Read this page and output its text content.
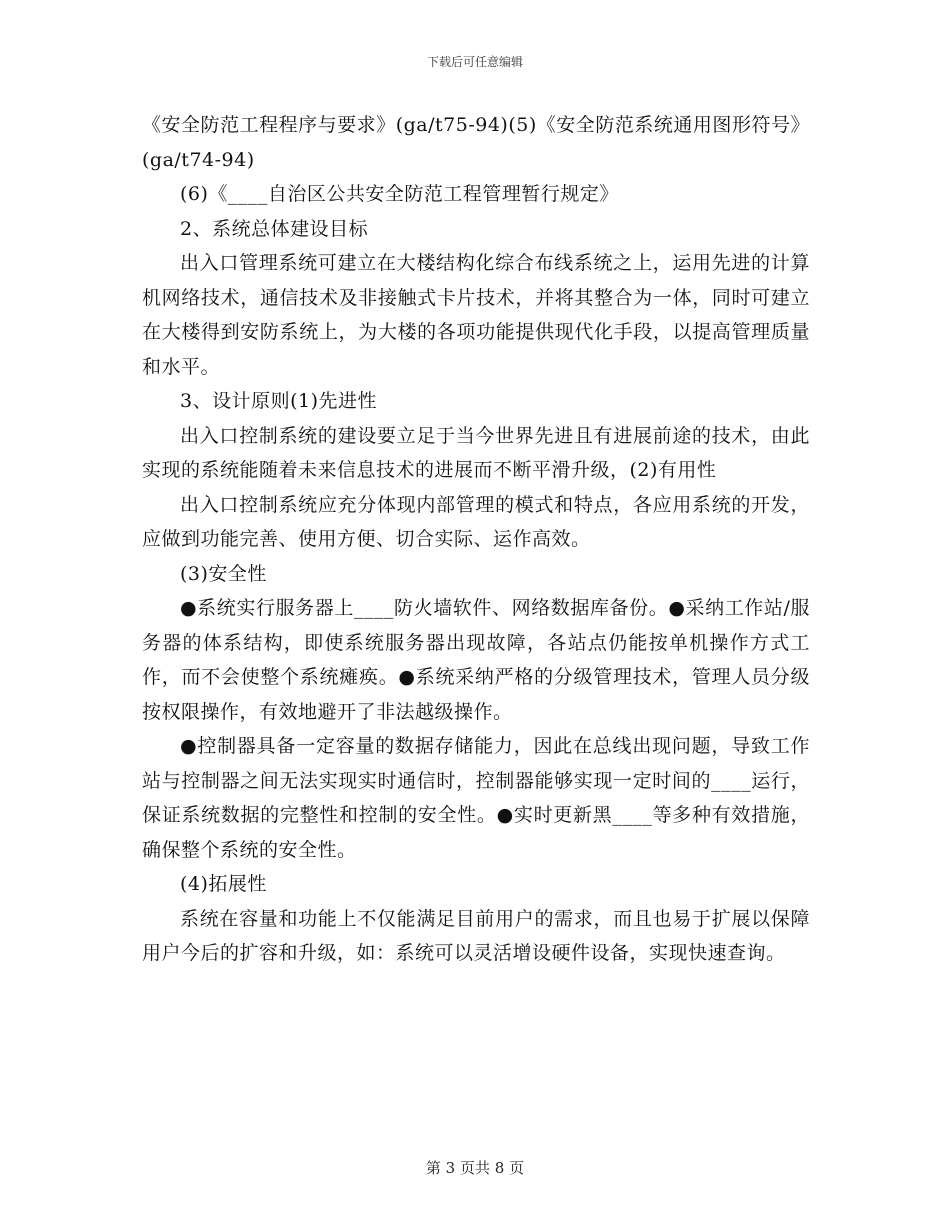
下载后可任意编辑

《安全防范工程程序与要求》(ga/t75-94)(5)《安全防范系统通用图形符号》(ga/t74-94)

(6)《____自治区公共安全防范工程管理暂行规定》

2、系统总体建设目标

出入口管理系统可建立在大楼结构化综合布线系统之上，运用先进的计算机网络技术，通信技术及非接触式卡片技术，并将其整合为一体，同时可建立在大楼得到安防系统上，为大楼的各项功能提供现代化手段，以提高管理质量和水平。

3、设计原则(1)先进性

出入口控制系统的建设要立足于当今世界先进且有进展前途的技术，由此实现的系统能随着未来信息技术的进展而不断平滑升级，(2)有用性

出入口控制系统应充分体现内部管理的模式和特点，各应用系统的开发，应做到功能完善、使用方便、切合实际、运作高效。

(3)安全性

●系统实行服务器上____防火墙软件、网络数据库备份。●采纳工作站/服务器的体系结构，即使系统服务器出现故障，各站点仍能按单机操作方式工作，而不会使整个系统瘫痪。●系统采纳严格的分级管理技术，管理人员分级按权限操作，有效地避开了非法越级操作。

●控制器具备一定容量的数据存储能力，因此在总线出现问题，导致工作站与控制器之间无法实现实时通信时，控制器能够实现一定时间的____运行，保证系统数据的完整性和控制的安全性。●实时更新黑____等多种有效措施，确保整个系统的安全性。

(4)拓展性

系统在容量和功能上不仅能满足目前用户的需求，而且也易于扩展以保障用户今后的扩容和升级，如：系统可以灵活增设硬件设备，实现快速查询。

第 3 页共 8 页
